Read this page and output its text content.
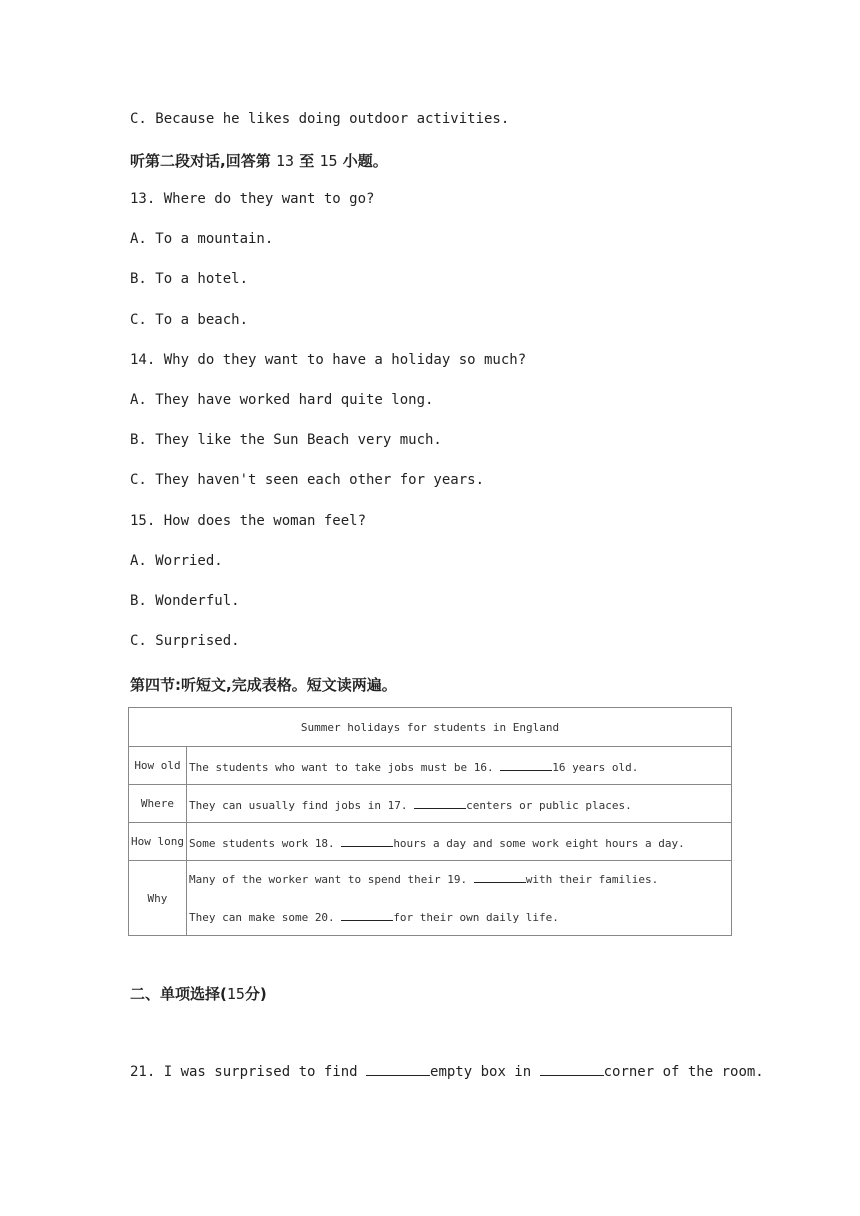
C. Because he likes doing outdoor activities.
听第二段对话,回答第 13 至 15 小题。
13. Where do they want to go?
A. To a mountain.
B. To a hotel.
C. To a beach.
14. Why do they want to have a holiday so much?
A. They have worked hard quite long.
B. They like the Sun Beach very much.
C. They haven't seen each other for years.
15. How does the woman feel?
A. Worried.
B. Wonderful.
C. Surprised.
第四节:听短文,完成表格。短文读两遍。
Summer holidays for students in England	
How old	The students who want to take jobs must be 16. 16 years old.
Where	They can usually find jobs in 17. centers or public places.
How long	Some students work 18. hours a day and some work eight hours a day.
Why	Many of the worker want to spend their 19. with their families.
They can make some 20. for their own daily life.
二、单项选择(15分)
21. I was surprised to find	empty box in	corner of the room.
